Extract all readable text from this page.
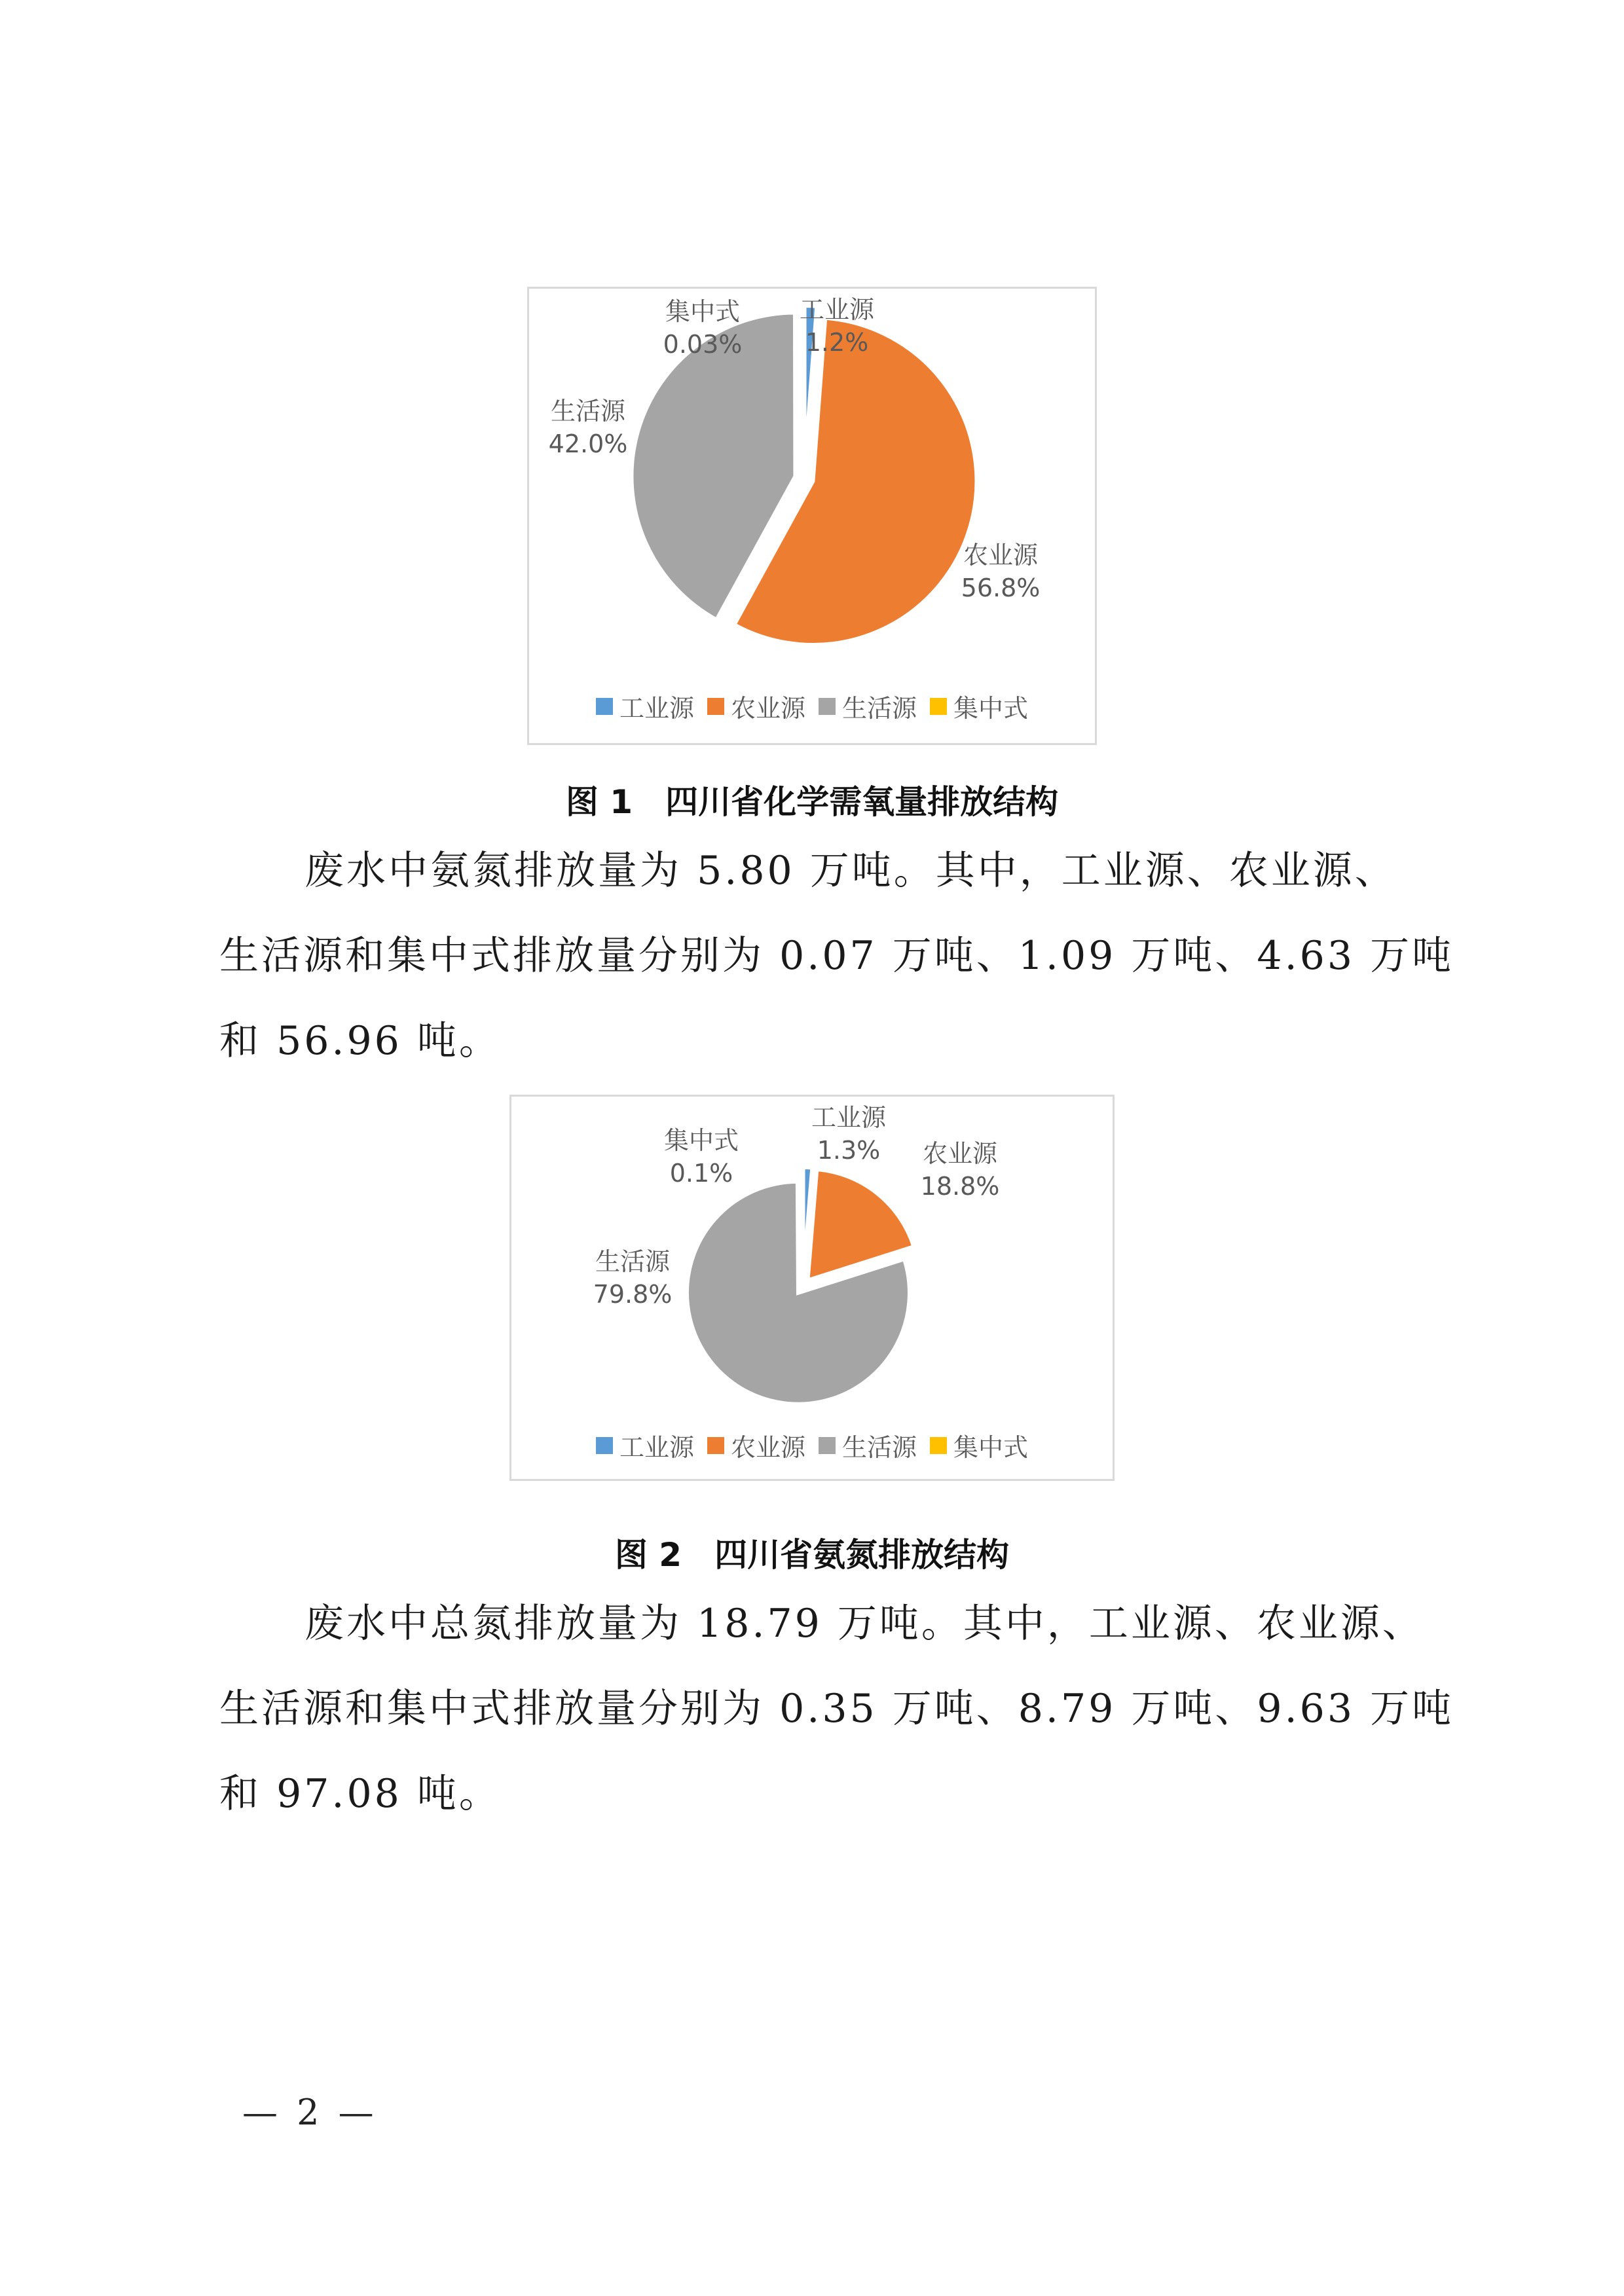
工业源
1.2%
农业源
56.8%
生活源
42.0%
集中式
0.03%
工业源 农业源 生活源 集中式
图 1　四川省化学需氧量排放结构
废水中氨氮排放量为 5.80 万吨。其中，工业源、农业源、
生活源和集中式排放量分别为 0.07 万吨、1.09 万吨、4.63 万吨
和 56.96 吨。
工业源
1.3% 农业源
18.8%
生活源
79.8%
集中式
0.1%
工业源 农业源 生活源 集中式
图 2　四川省氨氮排放结构
废水中总氮排放量为 18.79 万吨。其中，工业源、农业源、
生活源和集中式排放量分别为 0.35 万吨、8.79 万吨、9.63 万吨
和 97.08 吨。
— 2 —
